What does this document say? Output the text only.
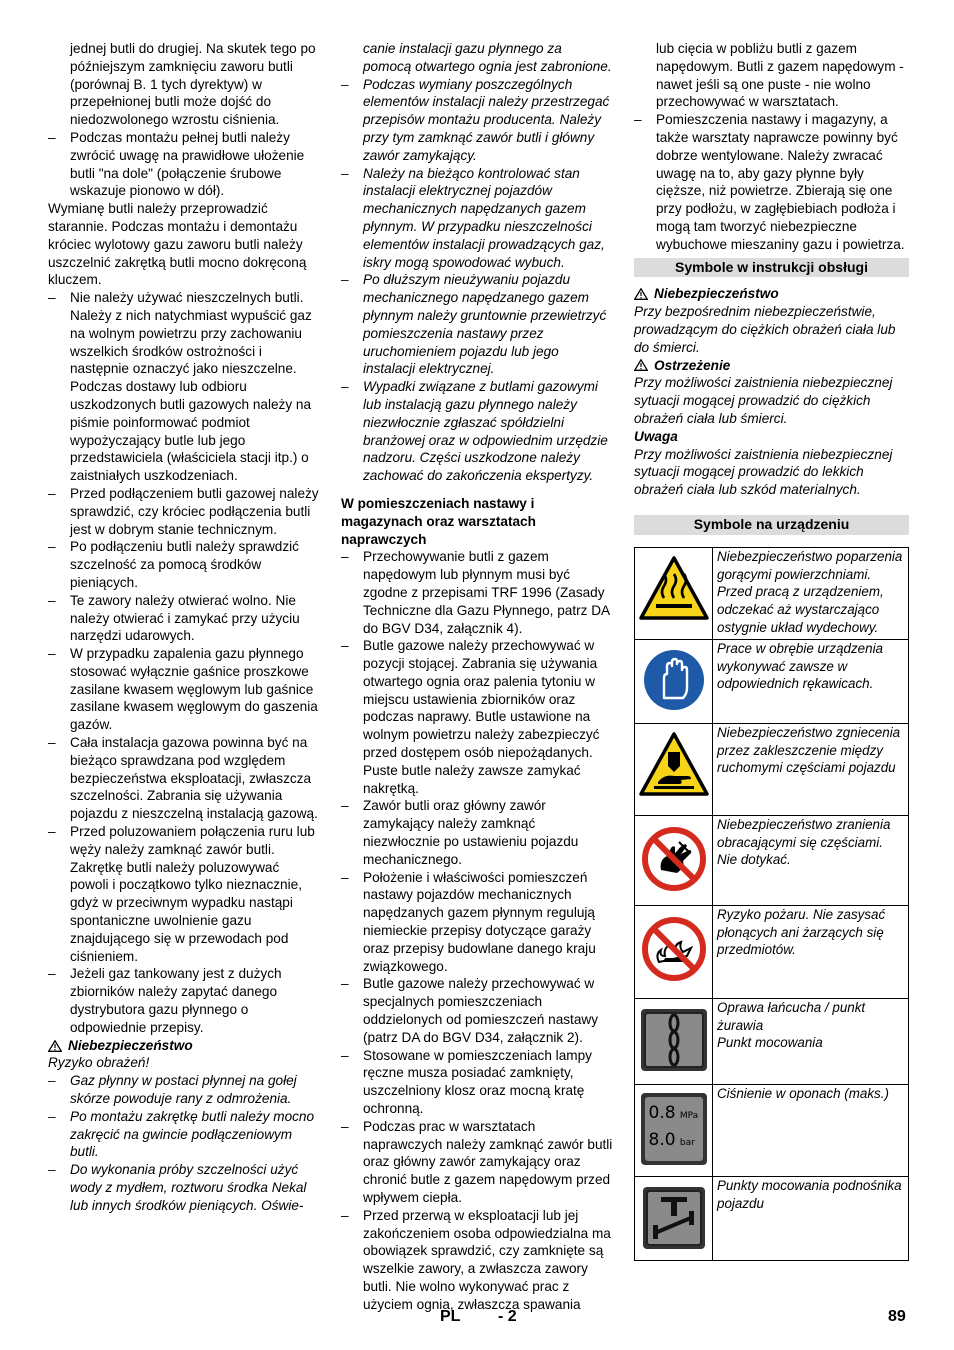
jednej butli do drugiej. Na skutek tego po późniejszym zamknięciu zaworu butli (porównaj B. 1 tych dyrektyw) w przepełnionej butli może dojść do niedozwolonego wzrostu ciśnienia.

– Podczas montażu pełnej butli należy zwrócić uwagę na prawidłowe ułożenie butli "na dole" (połączenie śrubowe wskazuje pionowo w dół).

Wymianę butli należy przeprowadzić starannie. Podczas montażu i demontażu króciec wylotowy gazu zaworu butli należy uszczelnić zakrętką butli mocno dokręconą kluczem.

– Nie należy używać nieszczelnych butli. Należy z nich natychmiast wypuścić gaz na wolnym powietrzu przy zachowaniu wszelkich środków ostrożności i następnie oznaczyć jako nieszczelne. Podczas dostawy lub odbioru uszkodzonych butli gazowych należy na piśmie poinformować podmiot wypożyczający butle lub jego przedstawiciela (właściciela stacji itp.) o zaistniałych uszkodzeniach.
– Przed podłączeniem butli gazowej należy sprawdzić, czy króciec podłączenia butli jest w dobrym stanie technicznym.
– Po podłączeniu butli należy sprawdzić szczelność za pomocą środków pieniących.
– Te zawory należy otwierać wolno. Nie należy otwierać i zamykać przy użyciu narzędzi udarowych.
– W przypadku zapalenia gazu płynnego stosować wyłącznie gaśnice proszkowe zasilane kwasem węglowym lub gaśnice zasilane kwasem węglowym do gaszenia gazów.
– Cała instalacja gazowa powinna być na bieżąco sprawdzana pod względem bezpieczeństwa eksploatacji, zwłaszcza szczelności. Zabrania się używania pojazdu z nieszczelną instalacją gazową.
– Przed poluzowaniem połączenia ruru lub węży należy zamknąć zawór butli. Zakrętkę butli należy poluzowywać powoli i początkowo tylko nieznacznie, gdyż w przeciwnym wypadku nastąpi spontaniczne uwolnienie gazu znajdującego się w przewodach pod ciśnieniem.
– Jeżeli gaz tankowany jest z dużych zbiorników należy zapytać danego dystrybutora gazu płynnego o odpowiednie przepisy.
Niebezpieczeństwo

Ryzyko obrażeń!

– Gaz płynny w postaci płynnej na gołej skórze powoduje rany z odmrożenia.
– Po montażu zakrętkę butli należy mocno zakręcić na gwincie podłączeniowym butli.
– Do wykonania próby szczelności użyć wody z mydłem, roztworu środka Nekal lub innych środków pieniących. Oświe-

canie instalacji gazu płynnego za pomocą otwartego ognia jest zabronione.

– Podczas wymiany poszczególnych elementów instalacji należy przestrzegać przepisów montażu producenta. Należy przy tym zamknąć zawór butli i główny zawór zamykający.
– Należy na bieżąco kontrolować stan instalacji elektrycznej pojazdów mechanicznych napędzanych gazem płynnym. W przypadku nieszczelności elementów instalacji prowadzących gaz, iskry mogą spowodować wybuch.
– Po dłuższym nieużywaniu pojazdu mechanicznego napędzanego gazem płynnym należy gruntownie przewietrzyć pomieszczenia nastawy przez uruchomieniem pojazdu lub jego instalacji elektrycznej.
– Wypadki związane z butlami gazowymi lub instalacją gazu płynnego należy niezwłocznie zgłaszać spółdzielni branżowej oraz w odpowiednim urzędzie nadzoru. Części uszkodzone należy zachować do zakończenia ekspertyzy.

W pomieszczeniach nastawy i magazynach oraz warsztatach naprawczych

– Przechowywanie butli z gazem napędowym lub płynnym musi być zgodne z przepisami TRF 1996 (Zasady Techniczne dla Gazu Płynnego, patrz DA do BGV D34, załącznik 4).
– Butle gazowe należy przechowywać w pozycji stojącej. Zabrania się używania otwartego ognia oraz palenia tytoniu w miejscu ustawienia zbiorników oraz podczas naprawy. Butle ustawione na wolnym powietrzu należy zabezpieczyć przed dostępem osób niepożądanych. Puste butle należy zawsze zamykać nakrętką.
– Zawór butli oraz główny zawór zamykający należy zamknąć niezwłocznie po ustawieniu pojazdu mechanicznego.
– Położenie i właściwości pomieszczeń nastawy pojazdów mechanicznych napędzanych gazem płynnym regulują niemieckie przepisy dotyczące garaży oraz przepisy budowlane danego kraju związkowego.
– Butle gazowe należy przechowywać w specjalnych pomieszczeniach oddzielonych od pomieszczeń nastawy (patrz DA do BGV D34, załącznik 2).
– Stosowane w pomieszczeniach lampy ręczne musza posiadać zamknięty, uszczelniony klosz oraz mocną kratę ochronną.
– Podczas prac w warsztatach naprawczych należy zamknąć zawór butli oraz główny zawór zamykający oraz chronić butle z gazem napędowym przed wpływem ciepła.
– Przed przerwą w eksploatacji lub jej zakończeniem osoba odpowiedzialna ma obowiązek sprawdzić, czy zamknięte są wszelkie zawory, a zwłaszcza zawory butli. Nie wolno wykonywać prac z użyciem ognia, zwłaszcza spawania

lub cięcia w pobliżu butli z gazem napędowym. Butli z gazem napędowym - nawet jeśli są one puste - nie wolno przechowywać w warsztatach.

– Pomieszczenia nastawy i magazyny, a także warsztaty naprawcze powinny być dobrze wentylowane. Należy zwracać uwagę na to, aby gazy płynne były cięższe, niż powietrze. Zbierają się one przy podłożu, w zagłębiebiach podłoża i mogą tam tworzyć niebezpieczne wybuchowe mieszaniny gazu i powietrza.
Symbole w instrukcji obsługi
Niebezpieczeństwo

Przy bezpośrednim niebezpieczeństwie, prowadzącym do ciężkich obrażeń ciała lub do śmierci.

Ostrzeżenie

Przy możliwości zaistnienia niebezpiecznej sytuacji mogącej prowadzić do ciężkich obrażeń ciała lub śmierci.

Uwaga

Przy możliwości zaistnienia niebezpiecznej sytuacji mogącej prowadzić do lekkich obrażeń ciała lub szkód materialnych.

Symbole na urządzeniu
	Niebezpieczeństwo poparzenia gorącymi powierzchniami. Przed pracą z urządzeniem, odczekać aż wystarczająco ostygnie układ wydechowy.
	Prace w obrębie urządzenia wykonywać zawsze w odpowiednich rękawicach.
	Niebezpieczeństwo zgniecenia przez zakleszczenie między ruchomymi częściami pojazdu
	Niebezpieczeństwo zranienia obracającymi się częściami. Nie dotykać.
	Ryzyko pożaru. Nie zasysać płonących ani żarzących się przedmiotów.
	Oprawa łańcucha / punkt żurawia
Punkt mocowania

0.8 MPa
8.0 bar	Ciśnienie w oponach (maks.)
	Punkty mocowania podnośnika pojazdu
PL - 2	89
